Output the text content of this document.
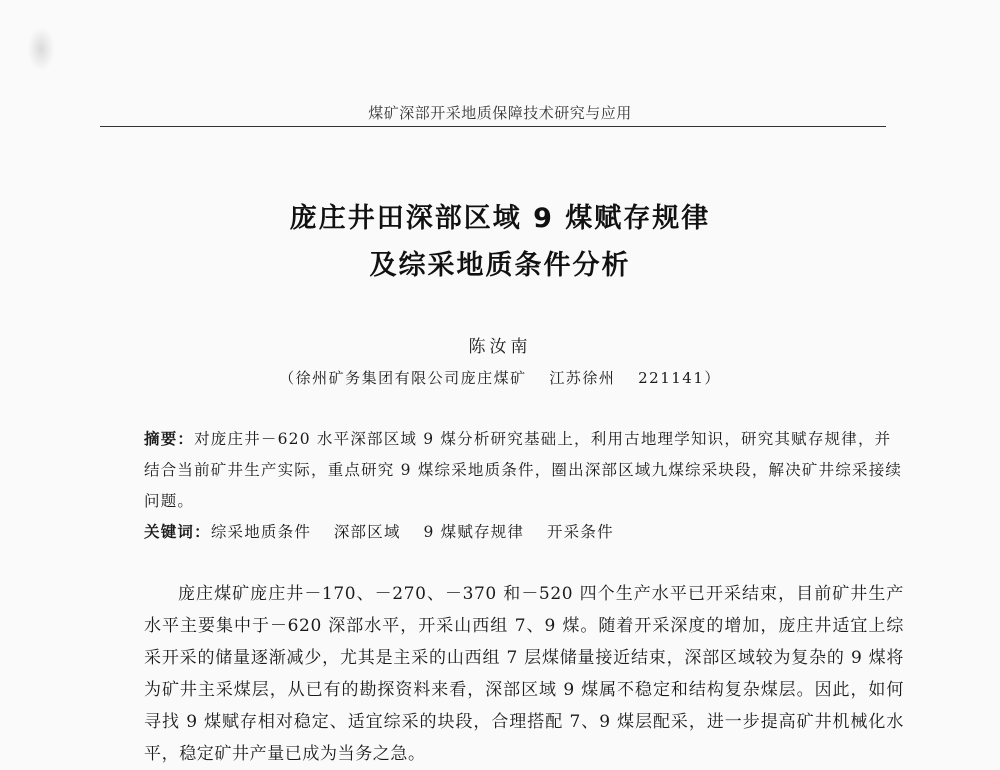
煤矿深部开采地质保障技术研究与应用
庞庄井田深部区域 9 煤赋存规律
及综采地质条件分析
陈汝南
（徐州矿务集团有限公司庞庄煤矿　 江苏徐州　 221141）

摘要：对庞庄井－620 水平深部区域 9 煤分析研究基础上，利用古地理学知识，研究其赋存规律，并结合当前矿井生产实际，重点研究 9 煤综采地质条件，圈出深部区域九煤综采块段，解决矿井综采接续问题。

关键词：综采地质条件　 深部区域　 9 煤赋存规律　 开采条件

庞庄煤矿庞庄井－170、－270、－370 和－520 四个生产水平已开采结束，目前矿井生产水平主要集中于－620 深部水平，开采山西组 7、9 煤。随着开采深度的增加，庞庄井适宜上综采开采的储量逐渐减少，尤其是主采的山西组 7 层煤储量接近结束，深部区域较为复杂的 9 煤将为矿井主采煤层，从已有的勘探资料来看，深部区域 9 煤属不稳定和结构复杂煤层。因此，如何寻找 9 煤赋存相对稳定、适宜综采的块段，合理搭配 7、9 煤层配采，进一步提高矿井机械化水平，稳定矿井产量已成为当务之急。
